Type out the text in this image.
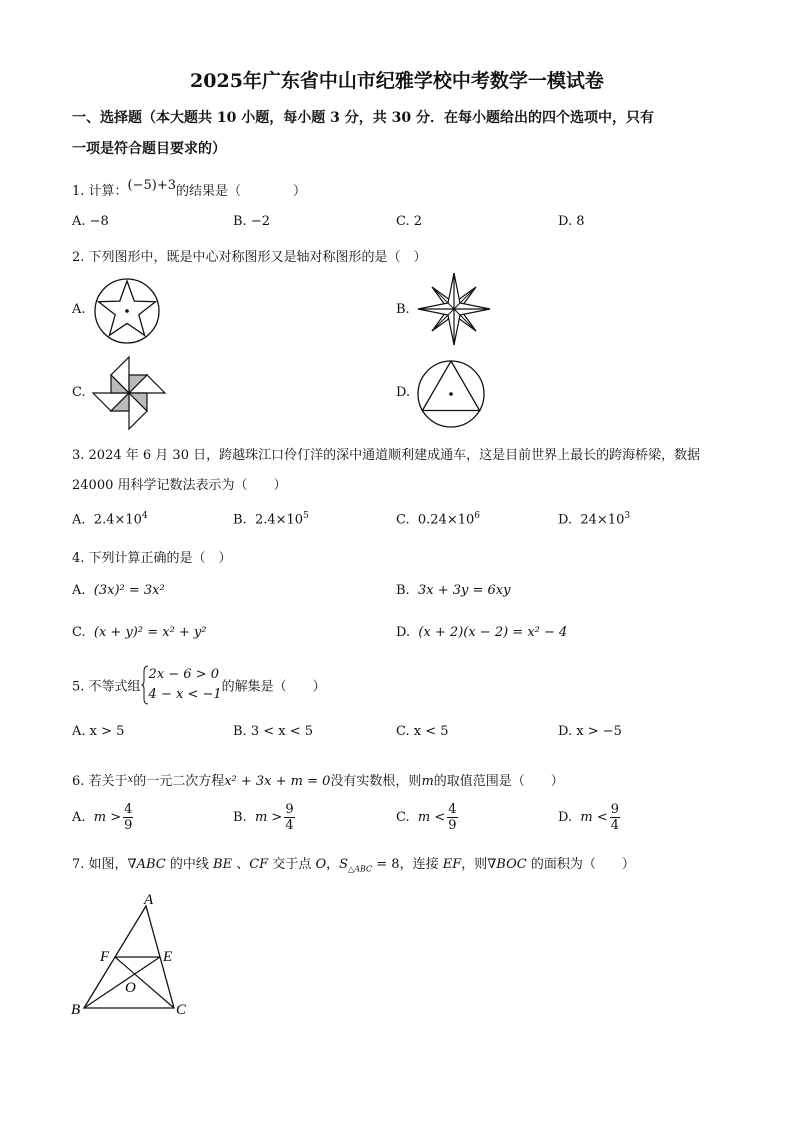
2025年广东省中山市纪雅学校中考数学一模试卷
一、选择题（本大题共 10 小题，每小题 3 分，共 30 分．在每小题给出的四个选项中，只有
一项是符合题目要求的）
1. 计算：(−5)+3的结果是（　　　　）
A. −8	B. −2	C. 2	D. 8
2. 下列图形中，既是中心对称图形又是轴对称图形的是（　）
A.	B.
C.	D.
3. 2024 年 6 月 30 日，跨越珠江口伶仃洋的深中通道顺利建成通车，这是目前世界上最长的跨海桥梁，数据
24000 用科学记数法表示为（　　）
A. $2.4\times 10^4$	B. $2.4\times 10^5$	C. $0.24\times 10^6$	D. $24\times 10^3$
4. 下列计算正确的是（　）
A. (3x)² = 3x²	B. 3x + 3y = 6xy
C. (x + y)² = x² + y²	D. (x + 2)(x − 2) = x² − 4
5. 不等式组
2x − 6 > 0
4 − x < −1 的解集是（　　）
A. x > 5	B. 3 < x < 5	C. x < 5	D. x > −5
6. 若关于$^x$的一元二次方程x² + 3x + m = 0没有实数根，则m的取值范围是（　　）
A. $m > \frac{4}{9}$	B. $m > \frac{9}{4}$	C. $m < \frac{4}{9}$	D. $m < \frac{9}{4}$
7. 如图，∇ABC 的中线 BE 、CF 交于点 O，$S_{\triangle ABC} = 8$，连接 EF，则∇BOC 的面积为（　　）
A
B	C
E
F
O
